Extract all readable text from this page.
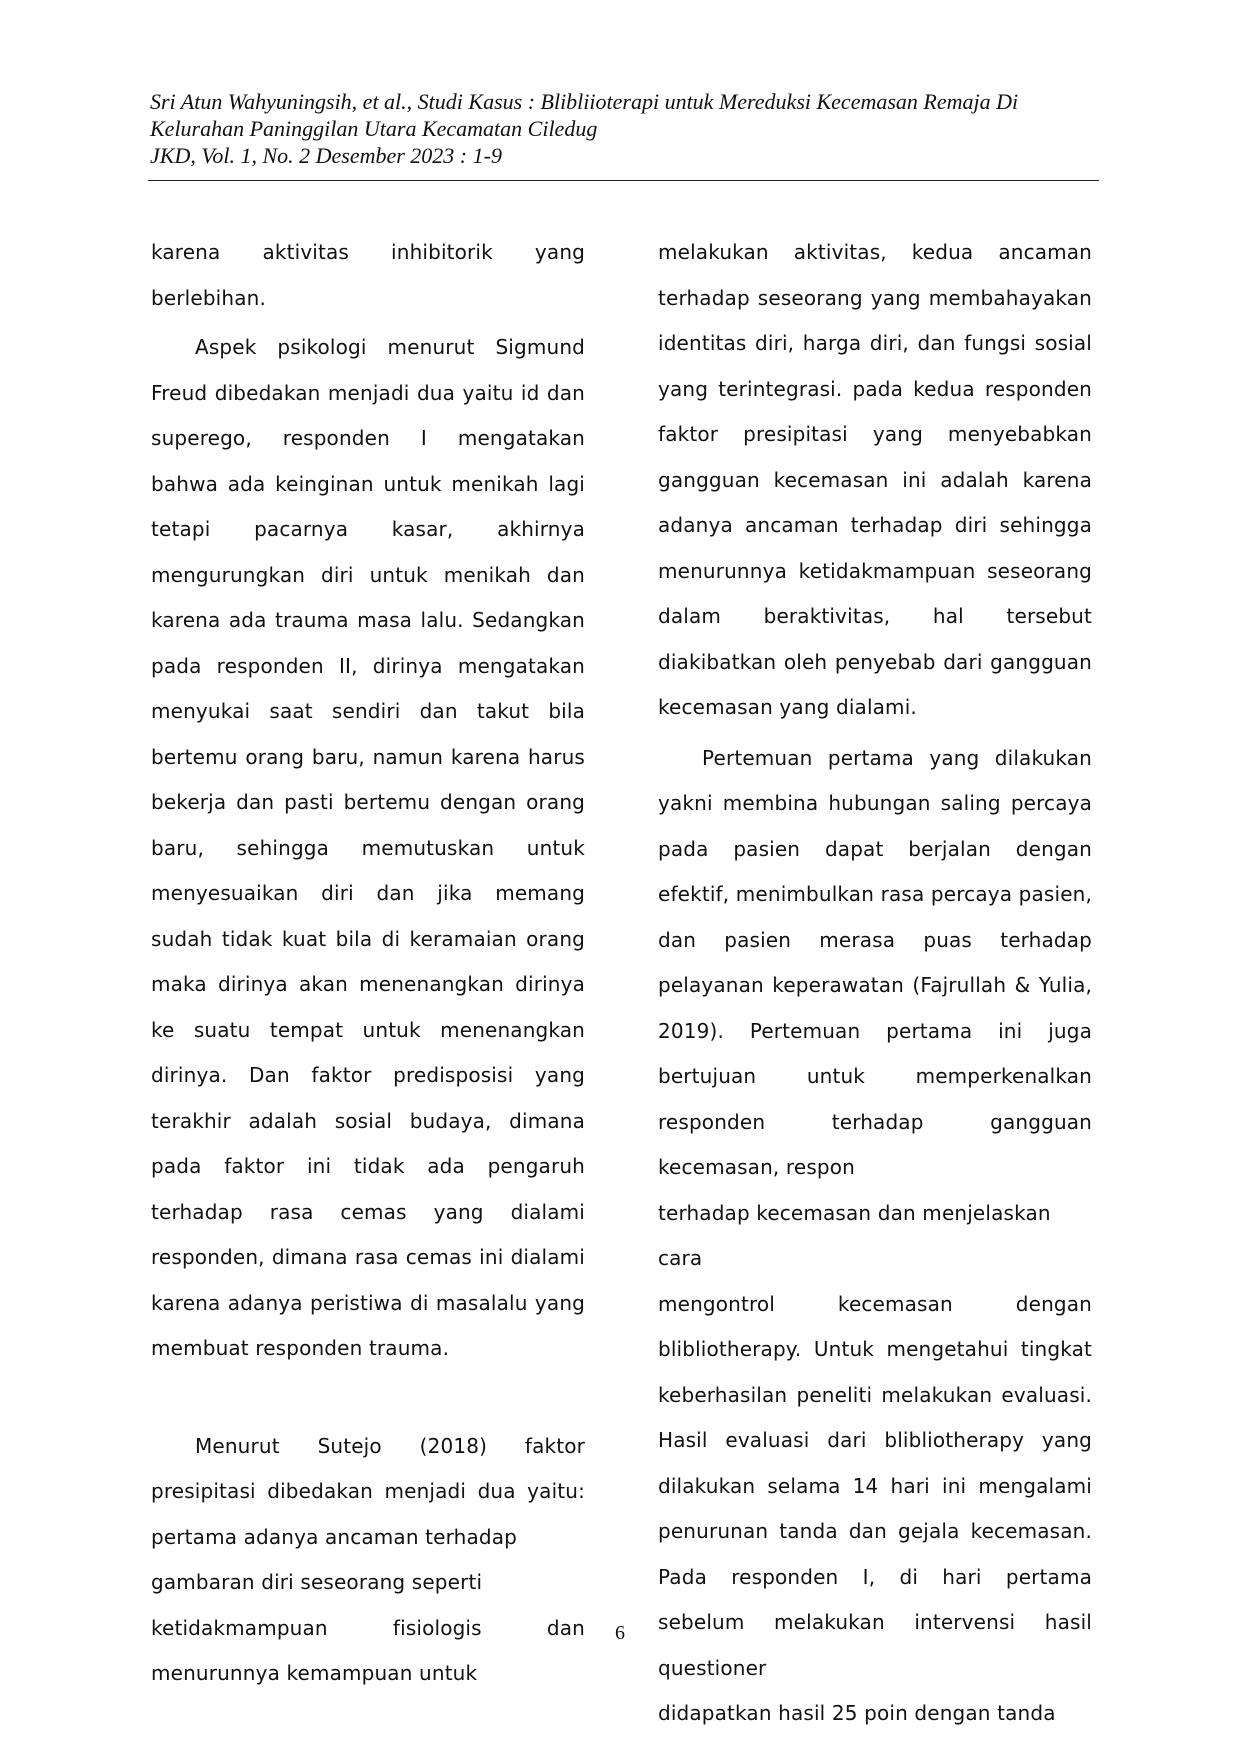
Sri Atun Wahyuningsih, et al., Studi Kasus : Blibliioterapi untuk Mereduksi Kecemasan Remaja Di
Kelurahan Paninggilan Utara Kecamatan Ciledug
JKD, Vol. 1, No. 2 Desember 2023 : 1-9

karena aktivitas inhibitorik yang berlebihan.

Aspek psikologi menurut Sigmund Freud dibedakan menjadi dua yaitu id dan superego, responden I mengatakan bahwa ada keinginan untuk menikah lagi tetapi pacarnya kasar, akhirnya mengurungkan diri untuk menikah dan karena ada trauma masa lalu. Sedangkan pada responden II, dirinya mengatakan menyukai saat sendiri dan takut bila bertemu orang baru, namun karena harus bekerja dan pasti bertemu dengan orang baru, sehingga memutuskan untuk menyesuaikan diri dan jika memang sudah tidak kuat bila di keramaian orang maka dirinya akan menenangkan dirinya ke suatu tempat untuk menenangkan dirinya. Dan faktor predisposisi yang terakhir adalah sosial budaya, dimana pada faktor ini tidak ada pengaruh terhadap rasa cemas yang dialami responden, dimana rasa cemas ini dialami karena adanya peristiwa di masalalu yang membuat responden trauma.

Menurut Sutejo (2018) faktor presipitasi dibedakan menjadi dua yaitu: pertama adanya ancaman terhadap

gambaran diri seseorang seperti

ketidakmampuan fisiologis dan menurunnya kemampuan untuk

melakukan aktivitas, kedua ancaman terhadap seseorang yang membahayakan identitas diri, harga diri, dan fungsi sosial yang terintegrasi. pada kedua responden faktor presipitasi yang menyebabkan gangguan kecemasan ini adalah karena adanya ancaman terhadap diri sehingga menurunnya ketidakmampuan seseorang dalam beraktivitas, hal tersebut diakibatkan oleh penyebab dari gangguan kecemasan yang dialami.

Pertemuan pertama yang dilakukan yakni membina hubungan saling percaya pada pasien dapat berjalan dengan efektif, menimbulkan rasa percaya pasien, dan pasien merasa puas terhadap pelayanan keperawatan (Fajrullah & Yulia, 2019). Pertemuan pertama ini juga bertujuan untuk memperkenalkan responden terhadap gangguan kecemasan, respon

terhadap kecemasan dan menjelaskan cara

mengontrol kecemasan dengan blibliotherapy. Untuk mengetahui tingkat keberhasilan peneliti melakukan evaluasi. Hasil evaluasi dari blibliotherapy yang dilakukan selama 14 hari ini mengalami penurunan tanda dan gejala kecemasan. Pada responden I, di hari pertama sebelum melakukan intervensi hasil questioner

didapatkan hasil 25 poin dengan tanda

6
